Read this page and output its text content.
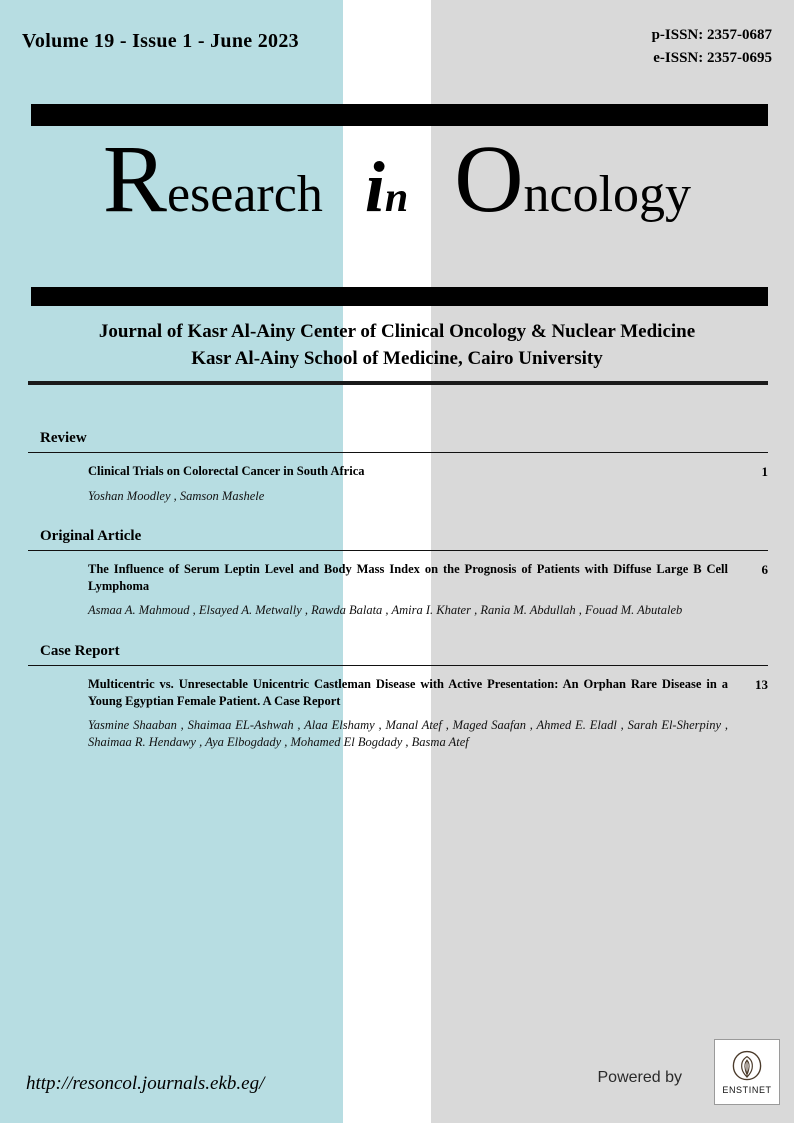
Volume 19 - Issue 1 - June 2023	p-ISSN: 2357-0687
e-ISSN: 2357-0695
Research in Oncology
Journal of Kasr Al-Ainy Center of Clinical Oncology & Nuclear Medicine
Kasr Al-Ainy School of Medicine, Cairo University
Review
Clinical Trials on Colorectal Cancer in South Africa
Yoshan Moodley , Samson Mashele
1
Original Article
The Influence of Serum Leptin Level and Body Mass Index on the Prognosis of Patients with Diffuse Large B Cell Lymphoma
Asmaa A. Mahmoud , Elsayed A. Metwally , Rawda Balata , Amira I. Khater , Rania M. Abdullah , Fouad M. Abutaleb
6
Case Report
Multicentric vs. Unresectable Unicentric Castleman Disease with Active Presentation: An Orphan Rare Disease in a Young Egyptian Female Patient. A Case Report
Yasmine Shaaban , Shaimaa EL-Ashwah , Alaa Elshamy , Manal Atef , Maged Saafan , Ahmed E. Eladl , Sarah El-Sherpiny , Shaimaa R. Hendawy , Aya Elbogdady , Mohamed El Bogdady , Basma Atef
13
http://resoncol.journals.ekb.eg/	Powered by
ENSTINET
